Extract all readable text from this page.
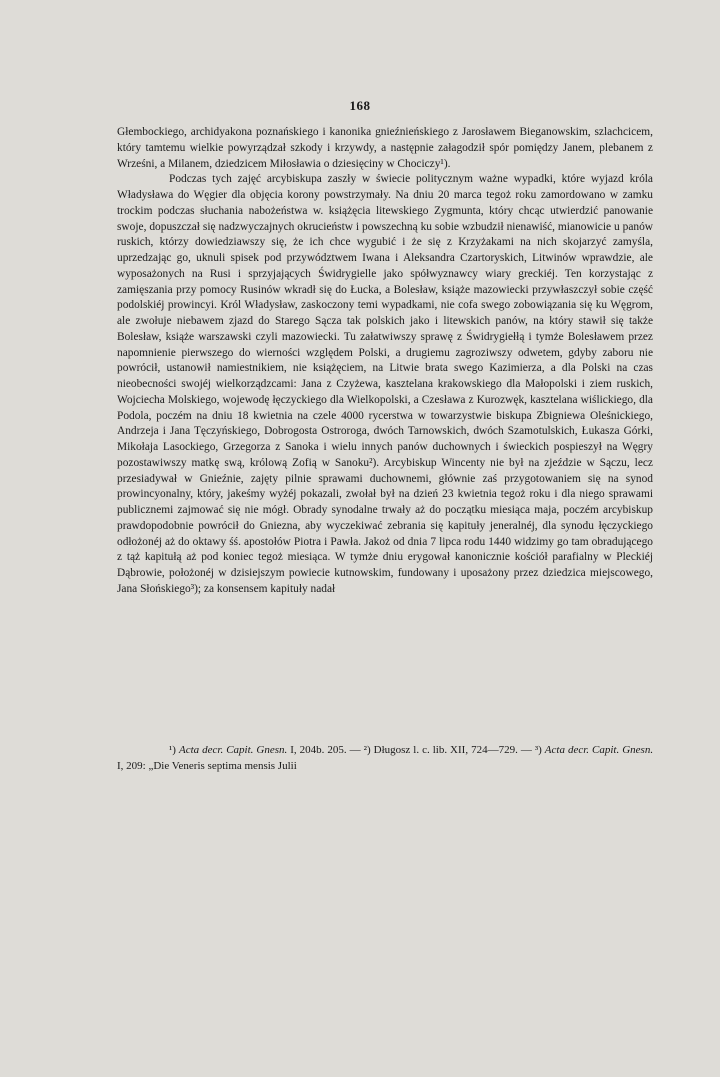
168

Głembockiego, archidyakona poznańskiego i kanonika gnieźnieńskiego z Jarosławem Bieganowskim, szlachcicem, który tamtemu wielkie powyrządzał szkody i krzywdy, a następnie załagodził spór pomiędzy Janem, plebanem z Wrześni, a Milanem, dziedzicem Miłosławia o dziesięciny w Chociczy¹).

Podczas tych zajęć arcybiskupa zaszły w świecie politycznym ważne wypadki, które wyjazd króla Władysława do Węgier dla objęcia korony powstrzymały. Na dniu 20 marca tegoż roku zamordowano w zamku trockim podczas słuchania nabożeństwa w. książęcia litewskiego Zygmunta, który chcąc utwierdzić panowanie swoje, dopuszczał się nadzwyczajnych okrucieństw i powszechną ku sobie wzbudził nienawiść, mianowicie u panów ruskich, którzy dowiedziawszy się, że ich chce wygubić i że się z Krzyżakami na nich skojarzyć zamyśla, uprzedzając go, uknuli spisek pod przywództwem Iwana i Aleksandra Czartoryskich, Litwinów wprawdzie, ale wyposażonych na Rusi i sprzyjających Świdrygielle jako spółwyznawcy wiary greckiéj. Ten korzystając z zamięszania przy pomocy Rusinów wkradł się do Łucka, a Bolesław, książe mazowiecki przywłaszczył sobie część podolskiéj prowincyi. Król Władysław, zaskoczony temi wypadkami, nie cofa swego zobowiązania się ku Węgrom, ale zwołuje niebawem zjazd do Starego Sącza tak polskich jako i litewskich panów, na który stawił się także Bolesław, książe warszawski czyli mazowiecki. Tu załatwiwszy sprawę z Świdrygiełłą i tymże Bolesławem przez napomnienie pierwszego do wierności względem Polski, a drugiemu zagroziwszy odwetem, gdyby zaboru nie powrócił, ustanowił namiestnikiem, nie książęciem, na Litwie brata swego Kazimierza, a dla Polski na czas nieobecności swojéj wielkorządzcami: Jana z Czyżewa, kasztelana krakowskiego dla Małopolski i ziem ruskich, Wojciecha Molskiego, wojewodę łęczyckiego dla Wielkopolski, a Czesława z Kurozwęk, kasztelana wiślickiego, dla Podola, poczém na dniu 18 kwietnia na czele 4000 rycerstwa w towarzystwie biskupa Zbigniewa Oleśnickiego, Andrzeja i Jana Tęczyńskiego, Dobrogosta Ostroroga, dwóch Tarnowskich, dwóch Szamotulskich, Łukasza Górki, Mikołaja Lasockiego, Grzegorza z Sanoka i wielu innych panów duchownych i świeckich pospieszył na Węgry pozostawiwszy matkę swą, królową Zofią w Sanoku²). Arcybiskup Wincenty nie był na zjeździe w Sączu, lecz przesiadywał w Gnieźnie, zajęty pilnie sprawami duchownemi, głównie zaś przygotowaniem się na synod prowincyonalny, który, jakeśmy wyżéj pokazali, zwołał był na dzień 23 kwietnia tegoż roku i dla niego sprawami publicznemi zajmować się nie mógł. Obrady synodalne trwały aż do początku miesiąca maja, poczém arcybiskup prawdopodobnie powrócił do Gniezna, aby wyczekiwać zebrania się kapituły jeneralnéj, dla synodu łęczyckiego odłożonéj aż do oktawy śś. apostołów Piotra i Pawła. Jakoż od dnia 7 lipca rodu 1440 widzimy go tam obradującego z tąż kapitułą aż pod koniec tegoż miesiąca. W tymże dniu erygował kanonicznie kościół parafialny w Pleckiéj Dąbrowie, położonéj w dzisiejszym powiecie kutnowskim, fundowany i uposażony przez dziedzica miejscowego, Jana Słońskiego³); za konsensem kapituły nadał

¹) Acta decr. Capit. Gnesn. I, 204b. 205. — ²) Długosz l. c. lib. XII, 724—729. — ³) Acta decr. Capit. Gnesn. I, 209: „Die Veneris septima mensis Julii
